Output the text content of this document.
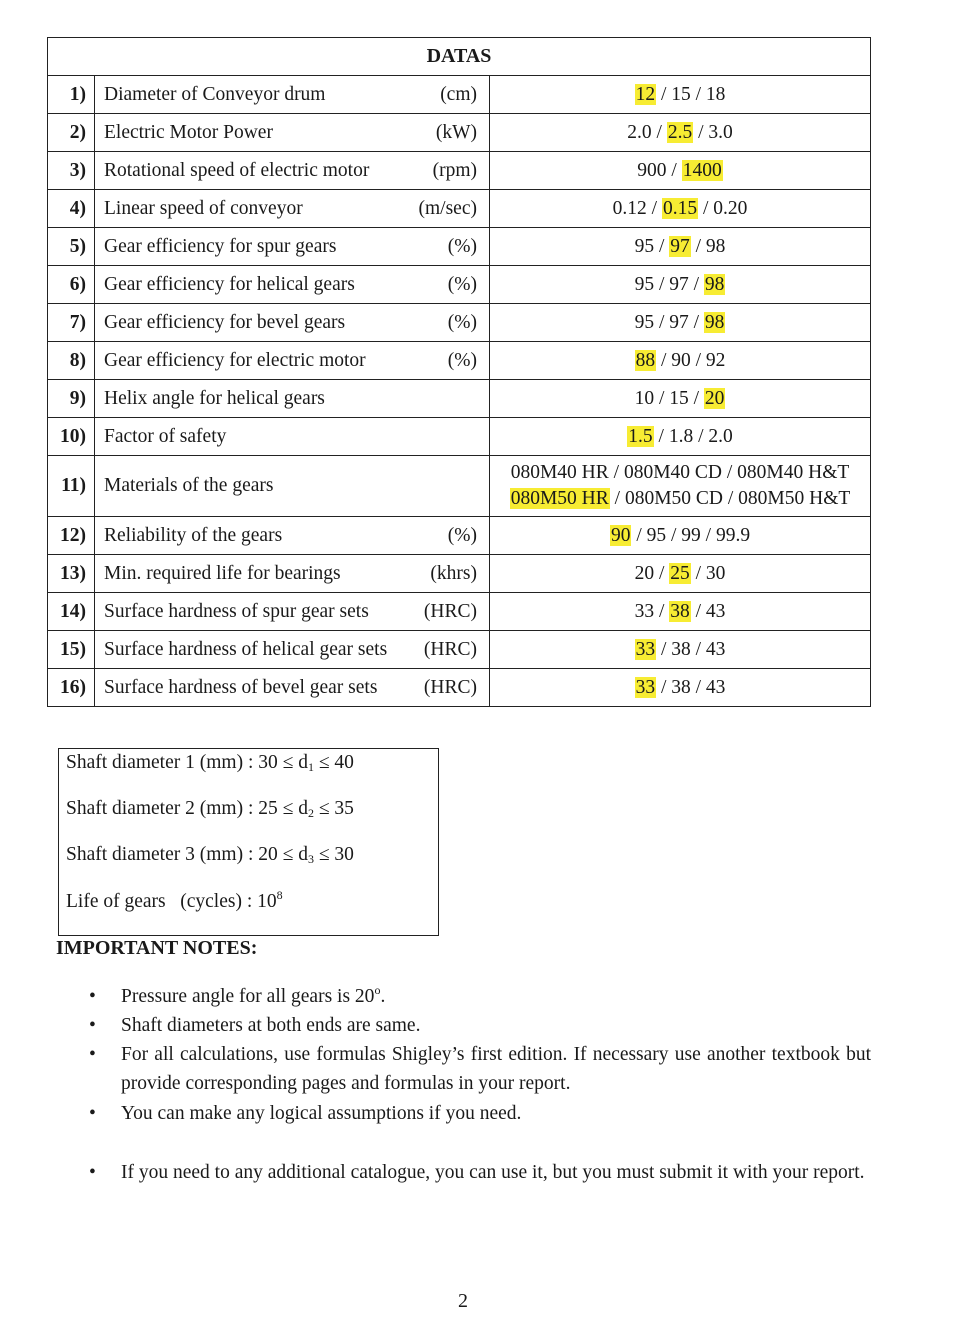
DATAS		
1)	Diameter of Conveyor drum (cm)	12 / 15 / 18
2)	Electric Motor Power (kW)	2.0 / 2.5 / 3.0
3)	Rotational speed of electric motor (rpm)	900 / 1400
4)	Linear speed of conveyor (m/sec)	0.12 / 0.15 / 0.20
5)	Gear efficiency for spur gears (%)	95 / 97 / 98
6)	Gear efficiency for helical gears (%)	95 / 97 / 98
7)	Gear efficiency for bevel gears (%)	95 / 97 / 98
8)	Gear efficiency for electric motor (%)	88 / 90 / 92
9)	Helix angle for helical gears	10 / 15 / 20
10)	Factor of safety	1.5 / 1.8 / 2.0
11)	Materials of the gears	080M40 HR / 080M40 CD / 080M40 H&T
080M50 HR / 080M50 CD / 080M50 H&T

12)	Reliability of the gears (%)	90 / 95 / 99 / 99.9
13)	Min. required life for bearings (khrs)	20 / 25 / 30
14)	Surface hardness of spur gear sets (HRC)	33 / 38 / 43
15)	Surface hardness of helical gear sets (HRC)	33 / 38 / 43
16)	Surface hardness of bevel gear sets (HRC)	33 / 38 / 43
Shaft diameter 1 (mm) : $30 \le d_1 \le 40$
Shaft diameter 2 (mm) : $25 \le d_2 \le 35$
Shaft diameter 3 (mm) : $20 \le d_3 \le 30$
Life of gears   (cycles) : $10^8$
IMPORTANT NOTES:
• Pressure angle for all gears is 20$^o$.
• Shaft diameters at both ends are same.
• For all calculations, use formulas Shigley’s first edition. If necessary use another textbook but provide corresponding pages and formulas in your report.
• You can make any logical assumptions if you need.
• If you need to any additional catalogue, you can use it, but you must submit it with your report.
2
